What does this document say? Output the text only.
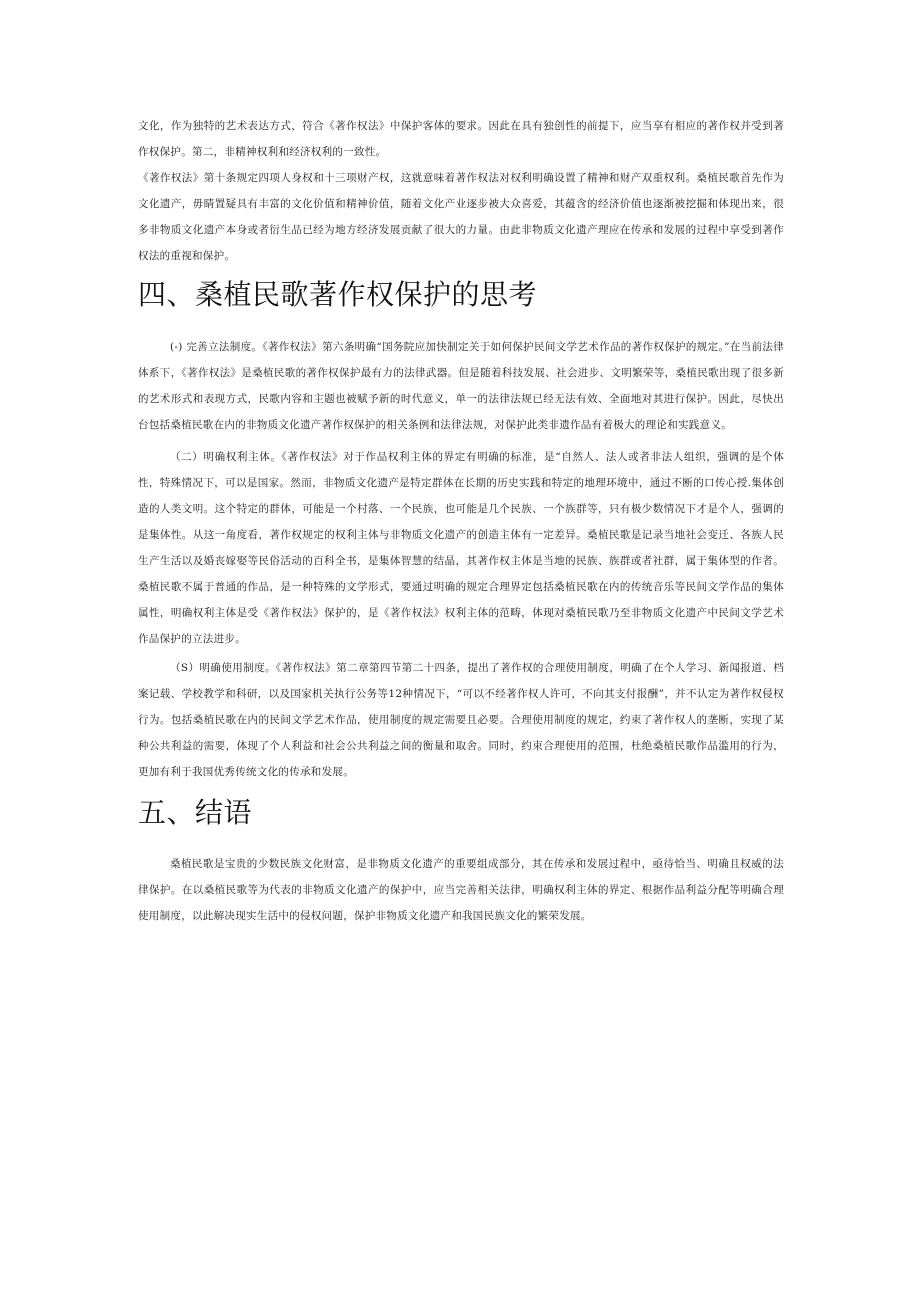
文化，作为独特的艺术表达方式，符合《著作权法》中保护客体的要求。因此在具有独创性的前提下，应当享有相应的著作权并受到著作权保护。第二，非精神权利和经济权利的一致性。

《著作权法》第十条规定四项人身权和十三项财产权，这就意味着著作权法对权利明确设置了精神和财产双重权利。桑植民歌首先作为文化遗产，毋睛置疑具有丰富的文化价值和精神价值，随着文化产业逐步被大众喜爱，其蕴含的经济价值也逐渐被挖掘和体现出来，很多非物质文化遗产本身或者衍生品已经为地方经济发展贡献了很大的力量。由此非物质文化遗产理应在传承和发展的过程中享受到著作权法的重视和保护。

四、桑植民歌著作权保护的思考

(-) 完善立法制度。《著作权法》第六条明确“国务院应加快制定关于如何保护民间文学艺术作品的著作权保护的规定。”在当前法律体系下，《著作权法》是桑植民歌的著作权保护最有力的法律武器。但是随着科技发展、社会进步、文明繁荣等，桑植民歌出现了很多新的艺术形式和表现方式，民歌内容和主题也被赋予新的时代意义，单一的法律法规已经无法有效、全面地对其进行保护。因此，尽快出台包括桑植民歌在内的非物质文化遗产著作权保护的相关条例和法律法规，对保护此类非遗作品有着极大的理论和实践意义。

（二）明确权利主体。《著作权法》对于作品权利主体的界定有明确的标准，是“自然人、法人或者非法人组织，强调的是个体性，特殊情况下，可以是国家。然而，非物质文化遗产是特定群体在长期的历史实践和特定的地理环境中，通过不断的口传心授.集体创造的人类文明。这个特定的群体，可能是一个村落、一个民族，也可能是几个民族、一个族群等，只有极少数情况下才是个人，强调的是集体性。从这一角度看，著作权规定的权利主体与非物质文化遗产的创造主体有一定差异。桑植民歌是记录当地社会变迁、各族人民生产生活以及婚丧嫁娶等民俗活动的百科全书，是集体智慧的结晶，其著作权主体是当地的民族、族群或者社群，属于集体型的作者。桑植民歌不属于普通的作品，是一种特殊的文学形式，要通过明确的规定合理界定包括桑植民歌在内的传统音乐等民间文学作品的集体属性，明确权利主体是受《著作权法》保护的，是《著作权法》权利主体的范畴，体现对桑植民歌乃至非物质文化遗产中民间文学艺术作品保护的立法进步。

（S）明确使用制度。《著作权法》第二章第四节第二十四条，提出了著作权的合理使用制度，明确了在个人学习、新闻报道、档案记载、学校教学和科研，以及国家机关执行公务等12种情况下，“可以不经著作权人许可，不向其支付报酬”，并不认定为著作权侵权行为。包括桑植民歌在内的民间文学艺术作品，使用制度的规定需要且必要。合理使用制度的规定，约束了著作权人的垄断，实现了某种公共利益的需要，体现了个人利益和社会公共利益之间的衡量和取舍。同时，约束合理使用的范围，杜绝桑植民歌作品滥用的行为，更加有利于我国优秀传统文化的传承和发展。

五、结语

桑植民歌是宝贵的少数民族文化财富，是非物质文化遗产的重要组成部分，其在传承和发展过程中，亟待恰当、明确且权威的法律保护。在以桑植民歌等为代表的非物质文化遗产的保护中，应当完善相关法律，明确权利主体的界定、根据作品利益分配等明确合理使用制度，以此解决现实生活中的侵权问题，保护非物质文化遗产和我国民族文化的繁荣发展。
